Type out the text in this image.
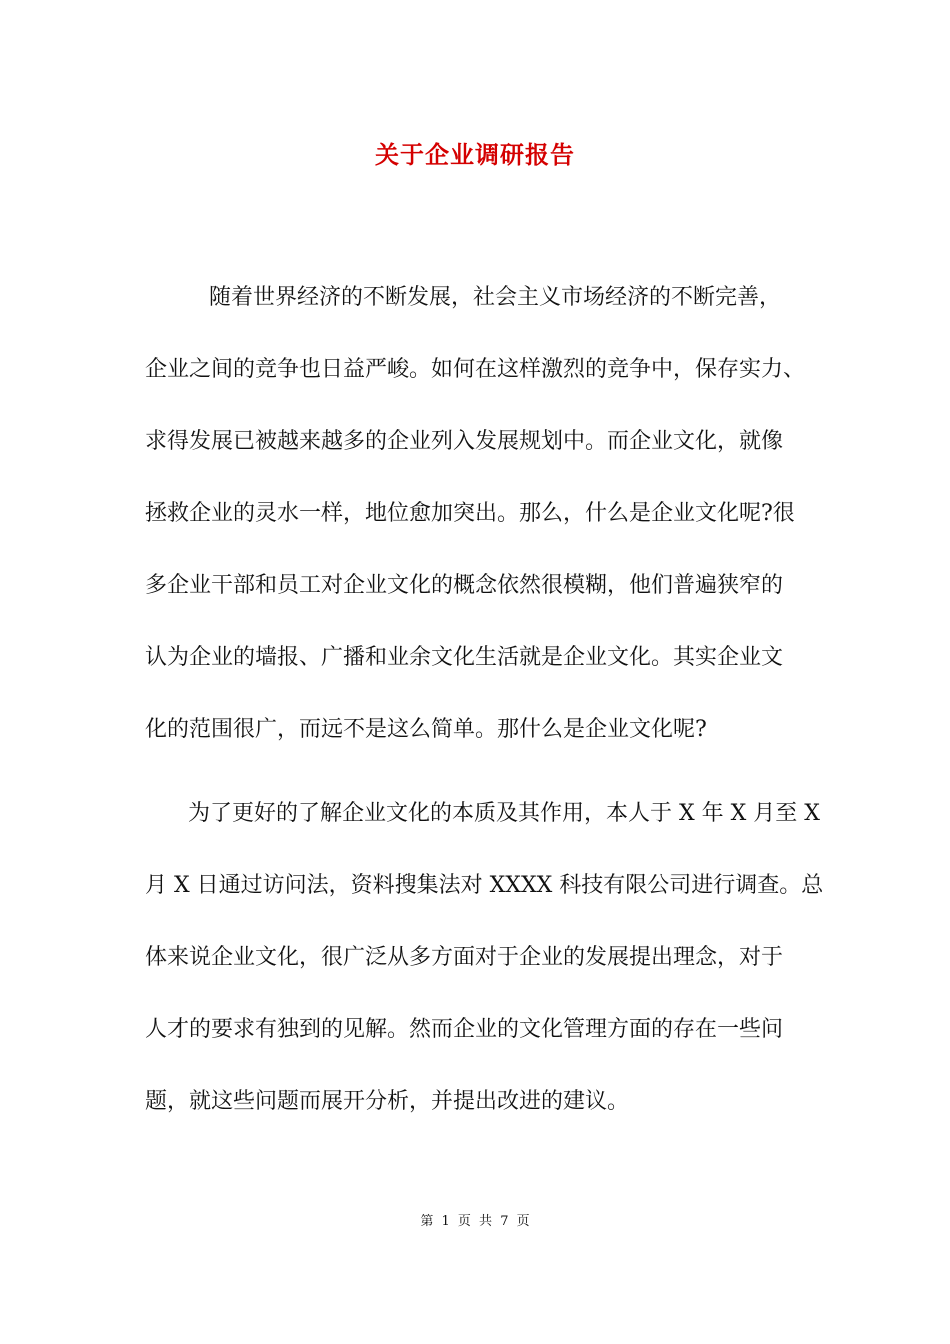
关于企业调研报告
随着世界经济的不断发展，社会主义市场经济的不断完善，
企业之间的竞争也日益严峻。如何在这样激烈的竞争中，保存实力、
求得发展已被越来越多的企业列入发展规划中。而企业文化，就像
拯救企业的灵水一样，地位愈加突出。那么，什么是企业文化呢?很
多企业干部和员工对企业文化的概念依然很模糊，他们普遍狭窄的
认为企业的墙报、广播和业余文化生活就是企业文化。其实企业文
化的范围很广，而远不是这么简单。那什么是企业文化呢?
为了更好的了解企业文化的本质及其作用，本人于 X 年 X 月至 X
月 X 日通过访问法，资料搜集法对 XXXX 科技有限公司进行调查。总
体来说企业文化，很广泛从多方面对于企业的发展提出理念，对于
人才的要求有独到的见解。然而企业的文化管理方面的存在一些问
题，就这些问题而展开分析，并提出改进的建议。
第 1 页 共 7 页
